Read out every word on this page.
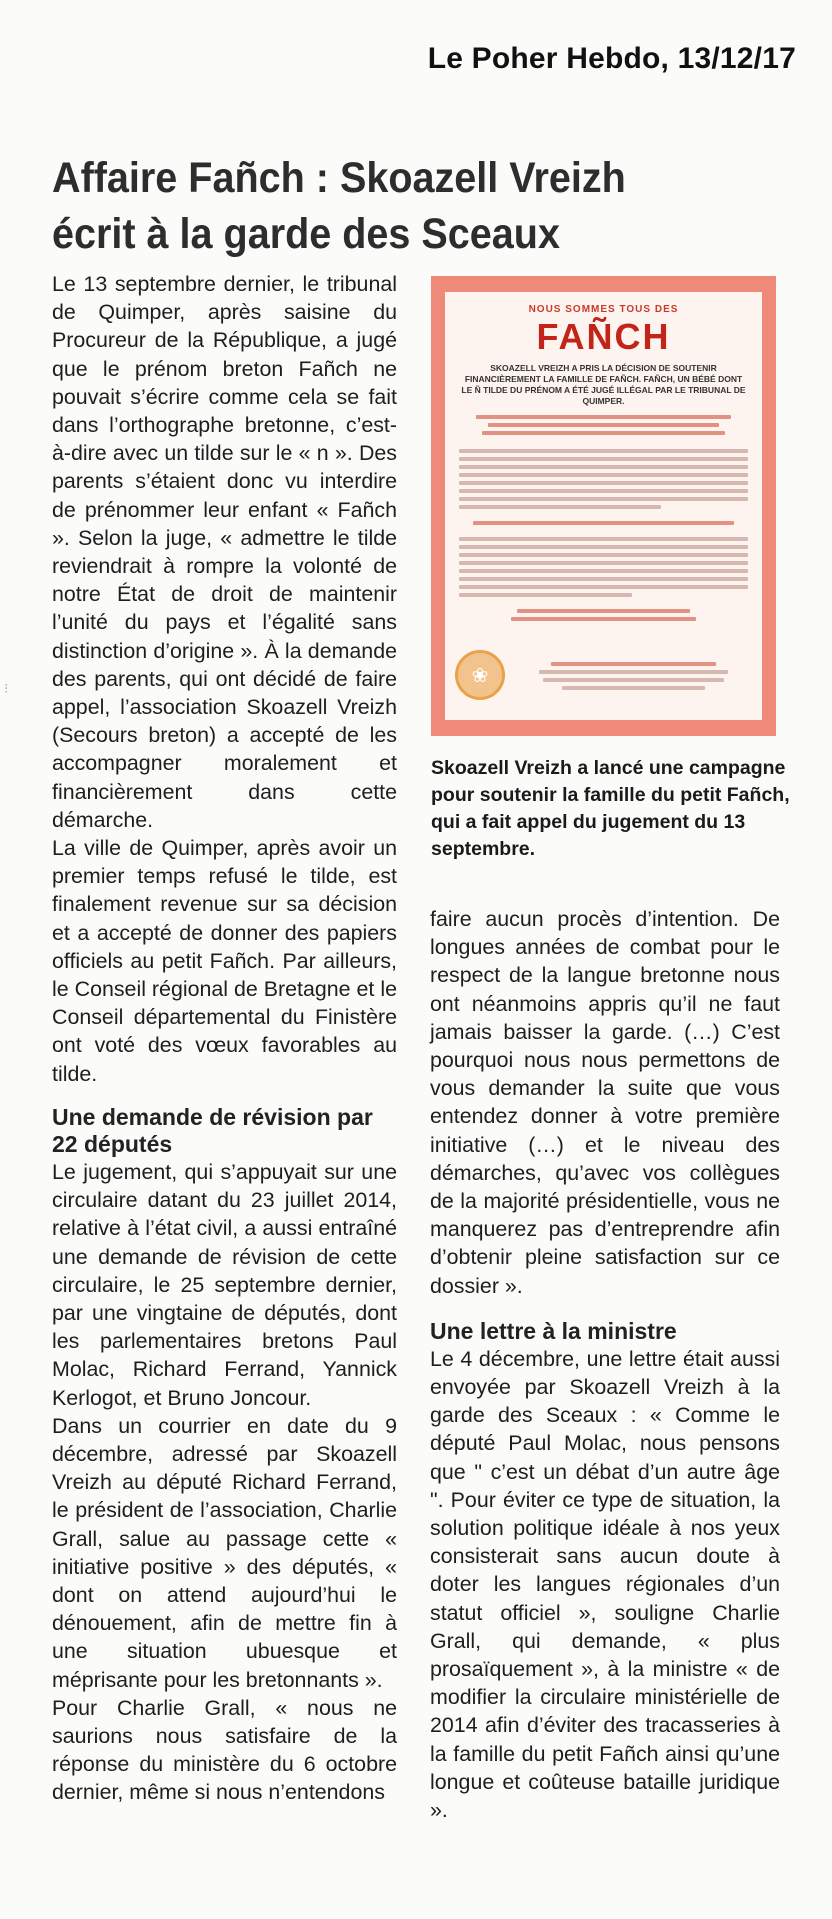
Le Poher Hebdo, 13/12/17
Affaire Fañch : Skoazell Vreizh
écrit à la garde des Sceaux

Le 13 septembre dernier, le tribunal de Quimper, après saisine du Procureur de la République, a jugé que le prénom breton Fañch ne pouvait s’écrire comme cela se fait dans l’orthographe bretonne, c’est-à-dire avec un tilde sur le « n ». Des parents s’étaient donc vu interdire de prénommer leur enfant « Fañch ». Selon la juge, « admettre le tilde reviendrait à rompre la volonté de notre État de droit de maintenir l’unité du pays et l’égalité sans distinction d’origine ». À la demande des parents, qui ont décidé de faire appel, l’association Skoazell Vreizh (Secours breton) a accepté de les accompagner moralement et financièrement dans cette démarche.

La ville de Quimper, après avoir un premier temps refusé le tilde, est finalement revenue sur sa décision et a accepté de donner des papiers officiels au petit Fañch. Par ailleurs, le Conseil régional de Bretagne et le Conseil départemental du Finistère ont voté des vœux favorables au tilde.

Une demande de révision par 22 députés

Le jugement, qui s’appuyait sur une circulaire datant du 23 juillet 2014, relative à l’état civil, a aussi entraîné une demande de révision de cette circulaire, le 25 septembre dernier, par une vingtaine de députés, dont les parlementaires bretons Paul Molac, Richard Ferrand, Yannick Kerlogot, et Bruno Joncour.

Dans un courrier en date du 9 décembre, adressé par Skoazell Vreizh au député Richard Ferrand, le président de l’association, Charlie Grall, salue au passage cette « initiative positive » des députés, « dont on attend aujourd’hui le dénouement, afin de mettre fin à une situation ubuesque et méprisante pour les bretonnants ».

Pour Charlie Grall, « nous ne saurions nous satisfaire de la réponse du ministère du 6 octobre dernier, même si nous n’entendons

NOUS SOMMES TOUS DES
FAÑCH
SKOAZELL VREIZH A PRIS LA DÉCISION DE SOUTENIR FINANCIÈREMENT LA FAMILLE DE FAÑCH. FAÑCH, UN BÉBÉ DONT LE Ñ TILDE DU PRÉNOM A ÉTÉ JUGÉ ILLÉGAL PAR LE TRIBUNAL DE QUIMPER.
❀

Skoazell Vreizh a lancé une campagne pour soutenir la famille du petit Fañch, qui a fait appel du jugement du 13 septembre.

⁝

faire aucun procès d’intention. De longues années de combat pour le respect de la langue bretonne nous ont néanmoins appris qu’il ne faut jamais baisser la garde. (…) C’est pourquoi nous nous permettons de vous demander la suite que vous entendez donner à votre première initiative (…) et le niveau des démarches, qu’avec vos collègues de la majorité présidentielle, vous ne manquerez pas d’entreprendre afin d’obtenir pleine satisfaction sur ce dossier ».

Une lettre à la ministre

Le 4 décembre, une lettre était aussi envoyée par Skoazell Vreizh à la garde des Sceaux : « Comme le député Paul Molac, nous pensons que " c’est un débat d’un autre âge ". Pour éviter ce type de situation, la solution politique idéale à nos yeux consisterait sans aucun doute à doter les langues régionales d’un statut officiel », souligne Charlie Grall, qui demande, « plus prosaïquement », à la ministre « de modifier la circulaire ministérielle de 2014 afin d’éviter des tracasseries à la famille du petit Fañch ainsi qu’une longue et coûteuse bataille juridique ».
